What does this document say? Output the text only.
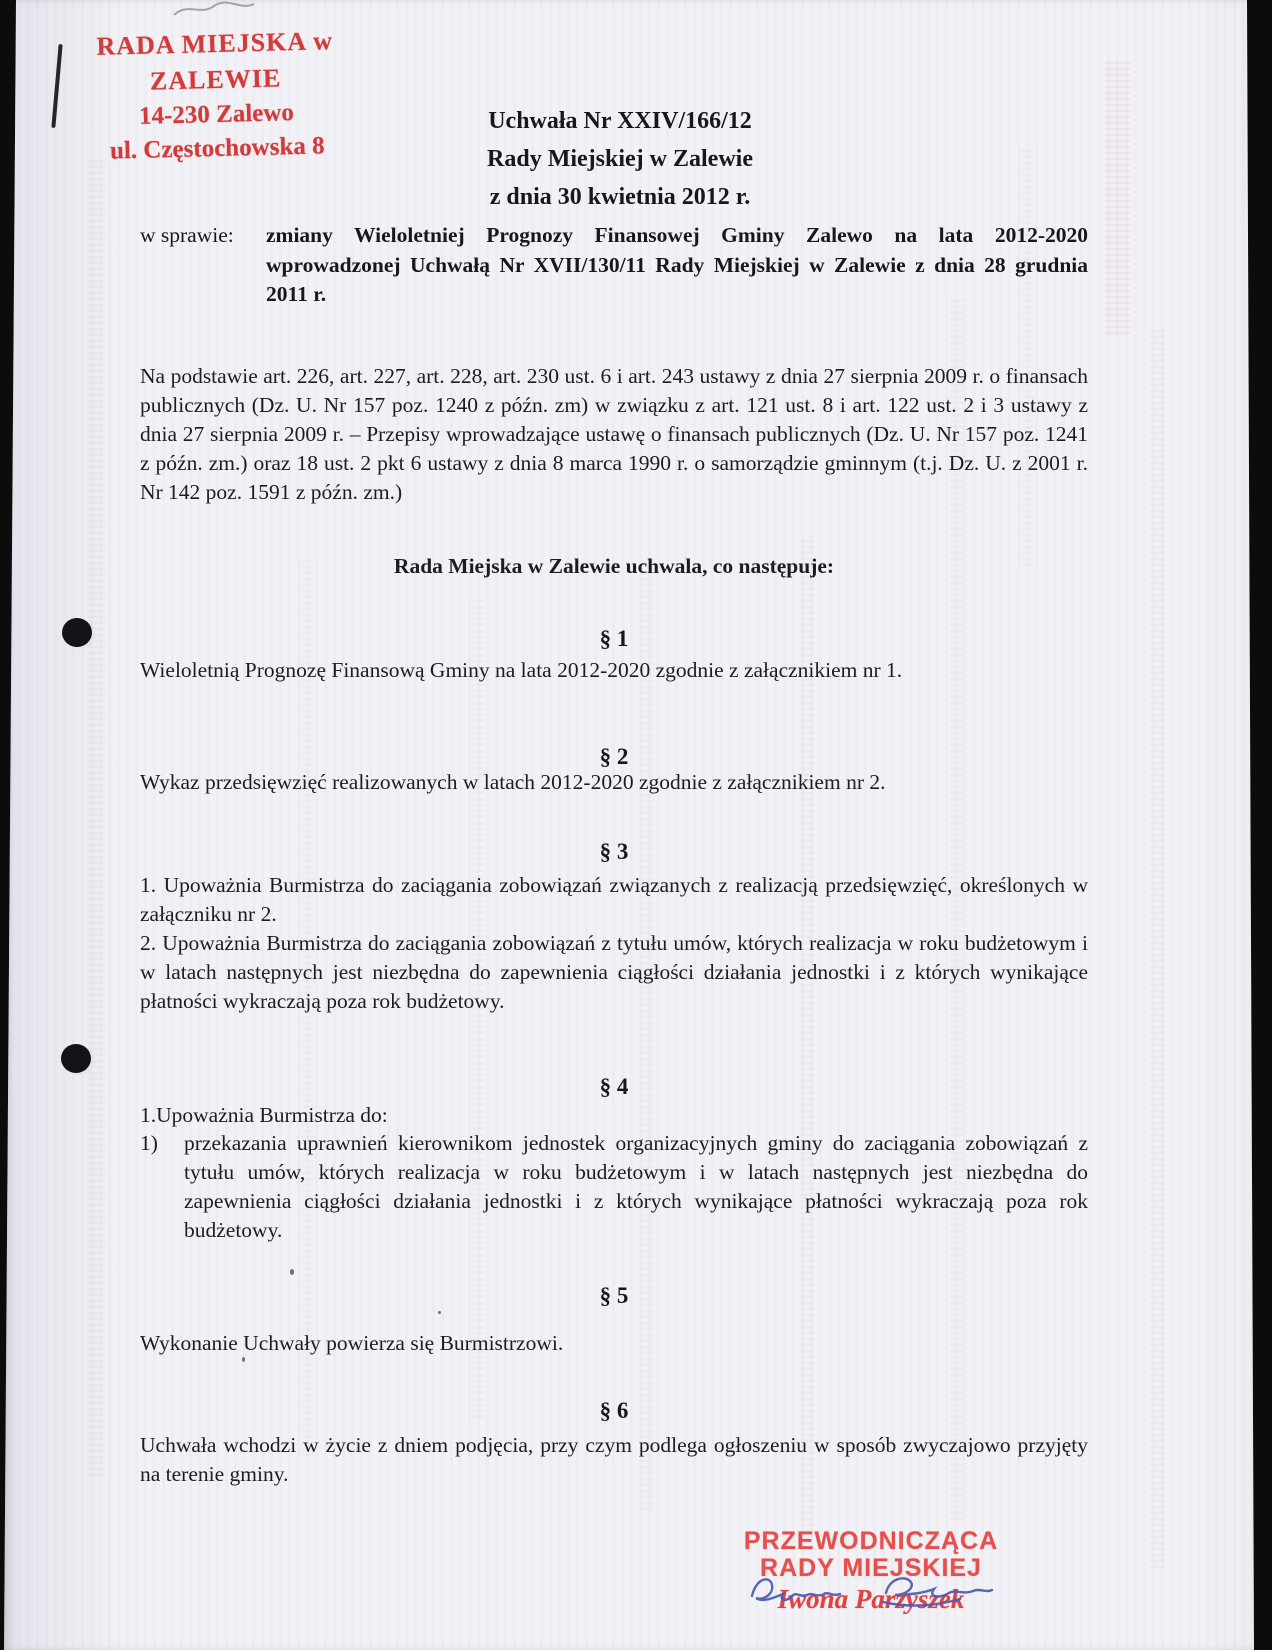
RADA MIEJSKA w ZALEWIE
14-230 Zalewo
ul. Częstochowska 8
Uchwała Nr XXIV/166/12
Rady Miejskiej w Zalewie
z dnia 30 kwietnia 2012 r.
w sprawie:	zmiany Wieloletniej Prognozy Finansowej Gminy Zalewo na lata 2012-2020 wprowadzonej Uchwałą Nr XVII/130/11 Rady Miejskiej w Zalewie z dnia 28 grudnia 2011 r.
Na podstawie art. 226, art. 227, art. 228, art. 230 ust. 6 i art. 243 ustawy z dnia 27 sierpnia 2009 r. o finansach publicznych (Dz. U. Nr 157 poz. 1240 z późn. zm) w związku z art. 121 ust. 8 i art. 122 ust. 2 i 3 ustawy z dnia 27 sierpnia 2009 r. – Przepisy wprowadzające ustawę o finansach publicznych (Dz. U. Nr 157 poz. 1241 z późn. zm.) oraz 18 ust. 2 pkt 6 ustawy z dnia 8 marca 1990 r. o samorządzie gminnym (t.j. Dz. U. z 2001 r. Nr 142 poz. 1591 z późn. zm.)
Rada Miejska w Zalewie uchwala, co następuje:
§ 1
Wieloletnią Prognozę Finansową Gminy na lata 2012-2020 zgodnie z załącznikiem nr 1.
§ 2
Wykaz przedsięwzięć realizowanych w latach 2012-2020 zgodnie z załącznikiem nr 2.
§ 3
1. Upoważnia Burmistrza do zaciągania zobowiązań związanych z realizacją przedsięwzięć, określonych w załączniku nr 2.
2. Upoważnia Burmistrza do zaciągania zobowiązań z tytułu umów, których realizacja w roku budżetowym i w latach następnych jest niezbędna do zapewnienia ciągłości działania jednostki i z których wynikające płatności wykraczają poza rok budżetowy.
§ 4
1.Upoważnia Burmistrza do:
1) przekazania uprawnień kierownikom jednostek organizacyjnych gminy do zaciągania zobowiązań z tytułu umów, których realizacja w roku budżetowym i w latach następnych jest niezbędna do zapewnienia ciągłości działania jednostki i z których wynikające płatności wykraczają poza rok budżetowy.
§ 5
Wykonanie Uchwały powierza się Burmistrzowi.
§ 6
Uchwała wchodzi w życie z dniem podjęcia, przy czym podlega ogłoszeniu w sposób zwyczajowo przyjęty na terenie gminy.
PRZEWODNICZĄCA
RADY MIEJSKIEJ
Iwona Parzyszek
